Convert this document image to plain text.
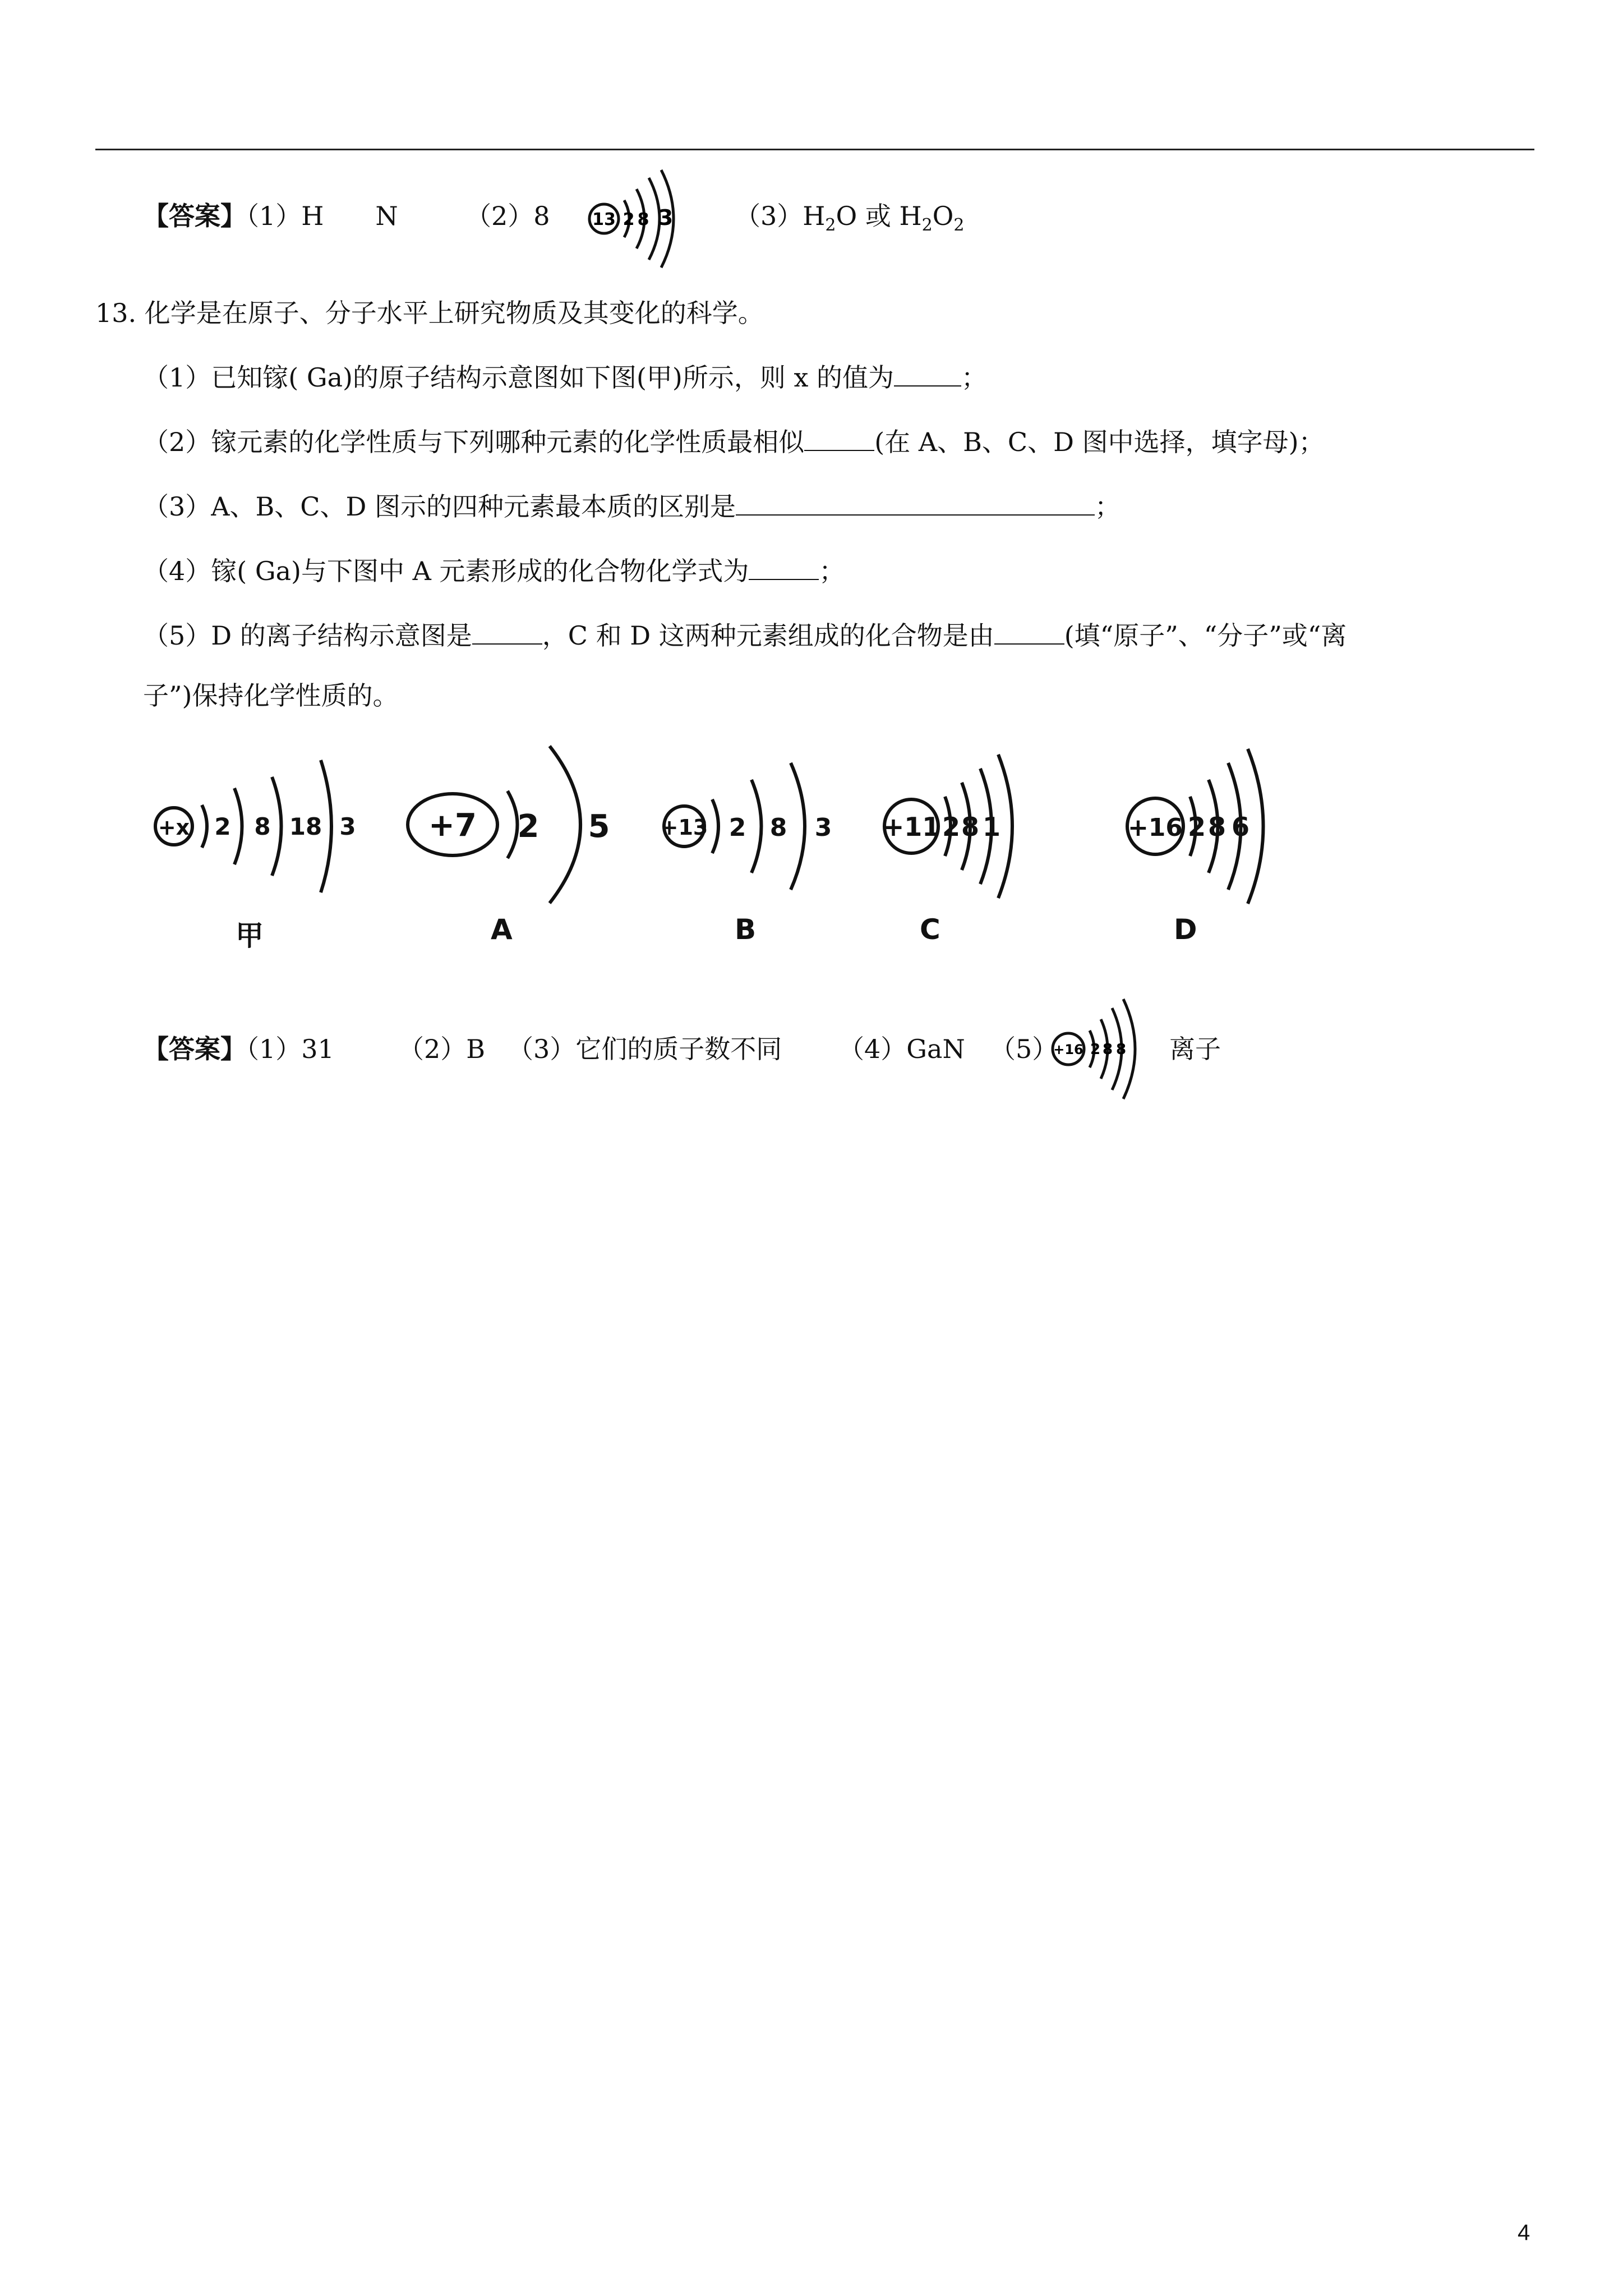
【答案】（1）H　　N	（2）8	13 2 8 3 $(3)H_2O$ 或 $H_2O_2$
13. 化学是在原子、分子水平上研究物质及其变化的科学。
（1）已知镓( Ga)的原子结构示意图如下图(甲)所示，则 x 的值为	；
（2）镓元素的化学性质与下列哪种元素的化学性质最相似	(在 A、B、C、D 图中选择，填字母)；
（3）A、B、C、D 图示的四种元素最本质的区别是	；
（4）镓( Ga)与下图中 A 元素形成的化合物化学式为	；
（5）D 的离子结构示意图是	，C 和 D 这两种元素组成的化合物是由	(填“原子”、“分子”或“离
子”)保持化学性质的。
+x 2 8 18 3 +7 2 5 +13 2 8 3 +11 2 8 1	+16 2 8 6
甲	A	B	C	D
【答案】（1）31 （2）B （3）它们的质子数不同 （4）GaN （5）
+16 2 8 8 离子
4
